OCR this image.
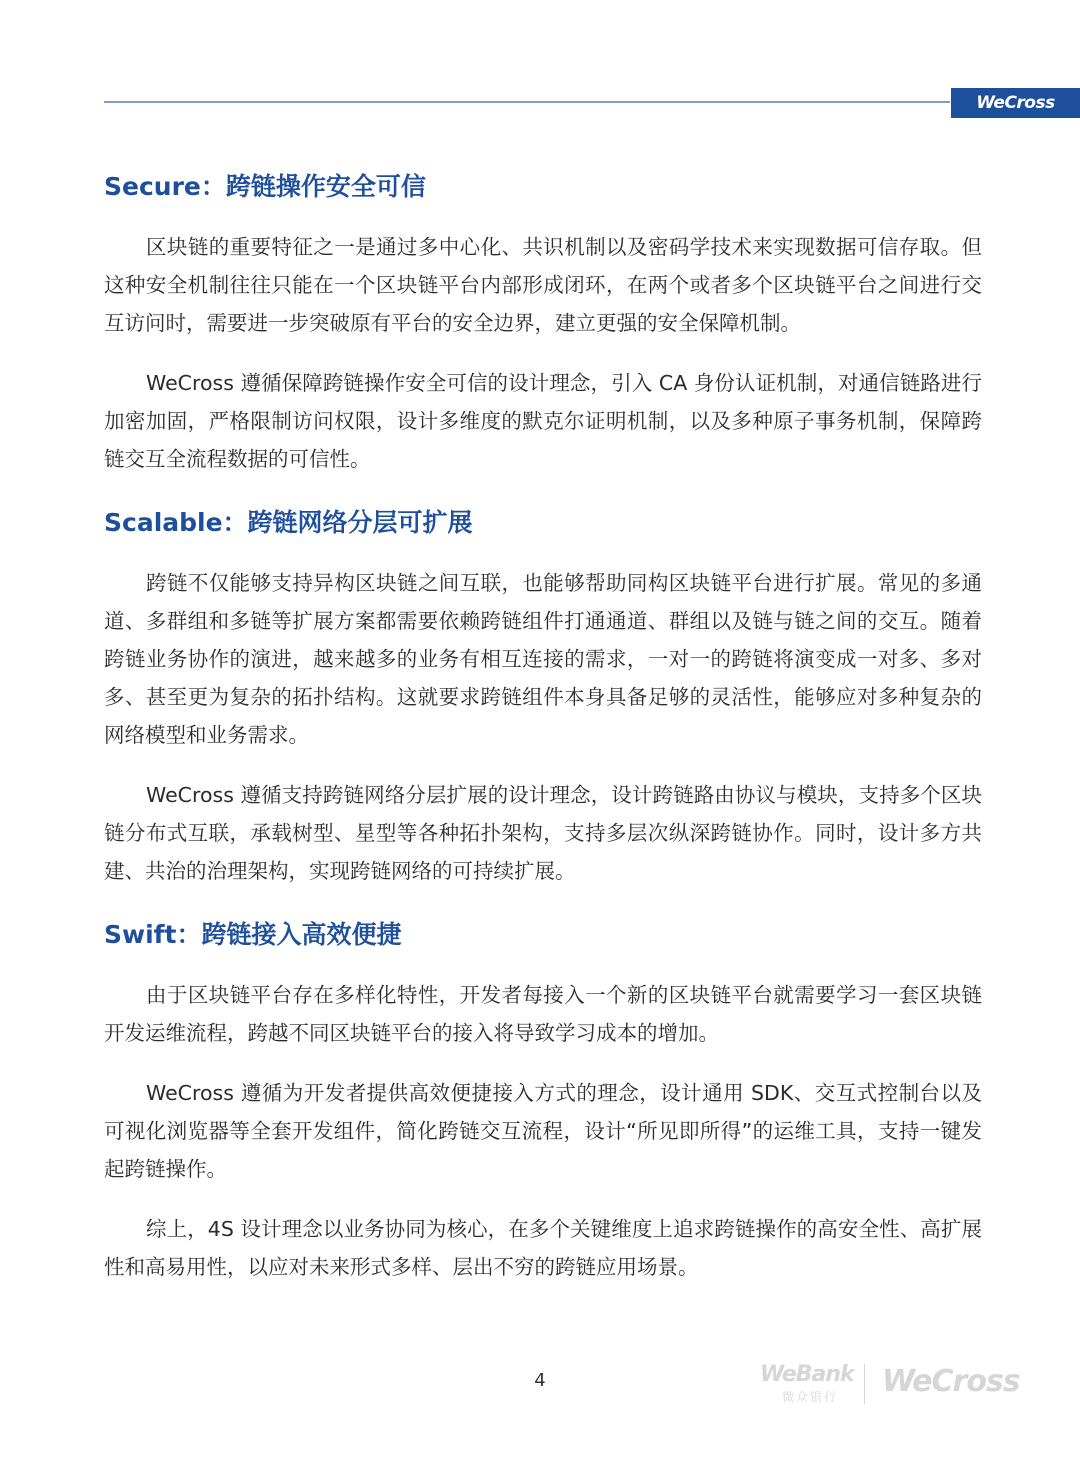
WeCross
Secure：跨链操作安全可信

区块链的重要特征之一是通过多中心化、共识机制以及密码学技术来实现数据可信存取。但这种安全机制往往只能在一个区块链平台内部形成闭环，在两个或者多个区块链平台之间进行交互访问时，需要进一步突破原有平台的安全边界，建立更强的安全保障机制。

WeCross 遵循保障跨链操作安全可信的设计理念，引入 CA 身份认证机制，对通信链路进行加密加固，严格限制访问权限，设计多维度的默克尔证明机制，以及多种原子事务机制，保障跨链交互全流程数据的可信性。

Scalable：跨链网络分层可扩展

跨链不仅能够支持异构区块链之间互联，也能够帮助同构区块链平台进行扩展。常见的多通道、多群组和多链等扩展方案都需要依赖跨链组件打通通道、群组以及链与链之间的交互。随着跨链业务协作的演进，越来越多的业务有相互连接的需求，一对一的跨链将演变成一对多、多对多、甚至更为复杂的拓扑结构。这就要求跨链组件本身具备足够的灵活性，能够应对多种复杂的网络模型和业务需求。

WeCross 遵循支持跨链网络分层扩展的设计理念，设计跨链路由协议与模块，支持多个区块链分布式互联，承载树型、星型等各种拓扑架构，支持多层次纵深跨链协作。同时，设计多方共建、共治的治理架构，实现跨链网络的可持续扩展。

Swift：跨链接入高效便捷

由于区块链平台存在多样化特性，开发者每接入一个新的区块链平台就需要学习一套区块链开发运维流程，跨越不同区块链平台的接入将导致学习成本的增加。

WeCross 遵循为开发者提供高效便捷接入方式的理念，设计通用 SDK、交互式控制台以及可视化浏览器等全套开发组件，简化跨链交互流程，设计“所见即所得”的运维工具，支持一键发起跨链操作。

综上，4S 设计理念以业务协同为核心，在多个关键维度上追求跨链操作的高安全性、高扩展性和高易用性，以应对未来形式多样、层出不穷的跨链应用场景。

4	WeBank
微众银行 WeCross
